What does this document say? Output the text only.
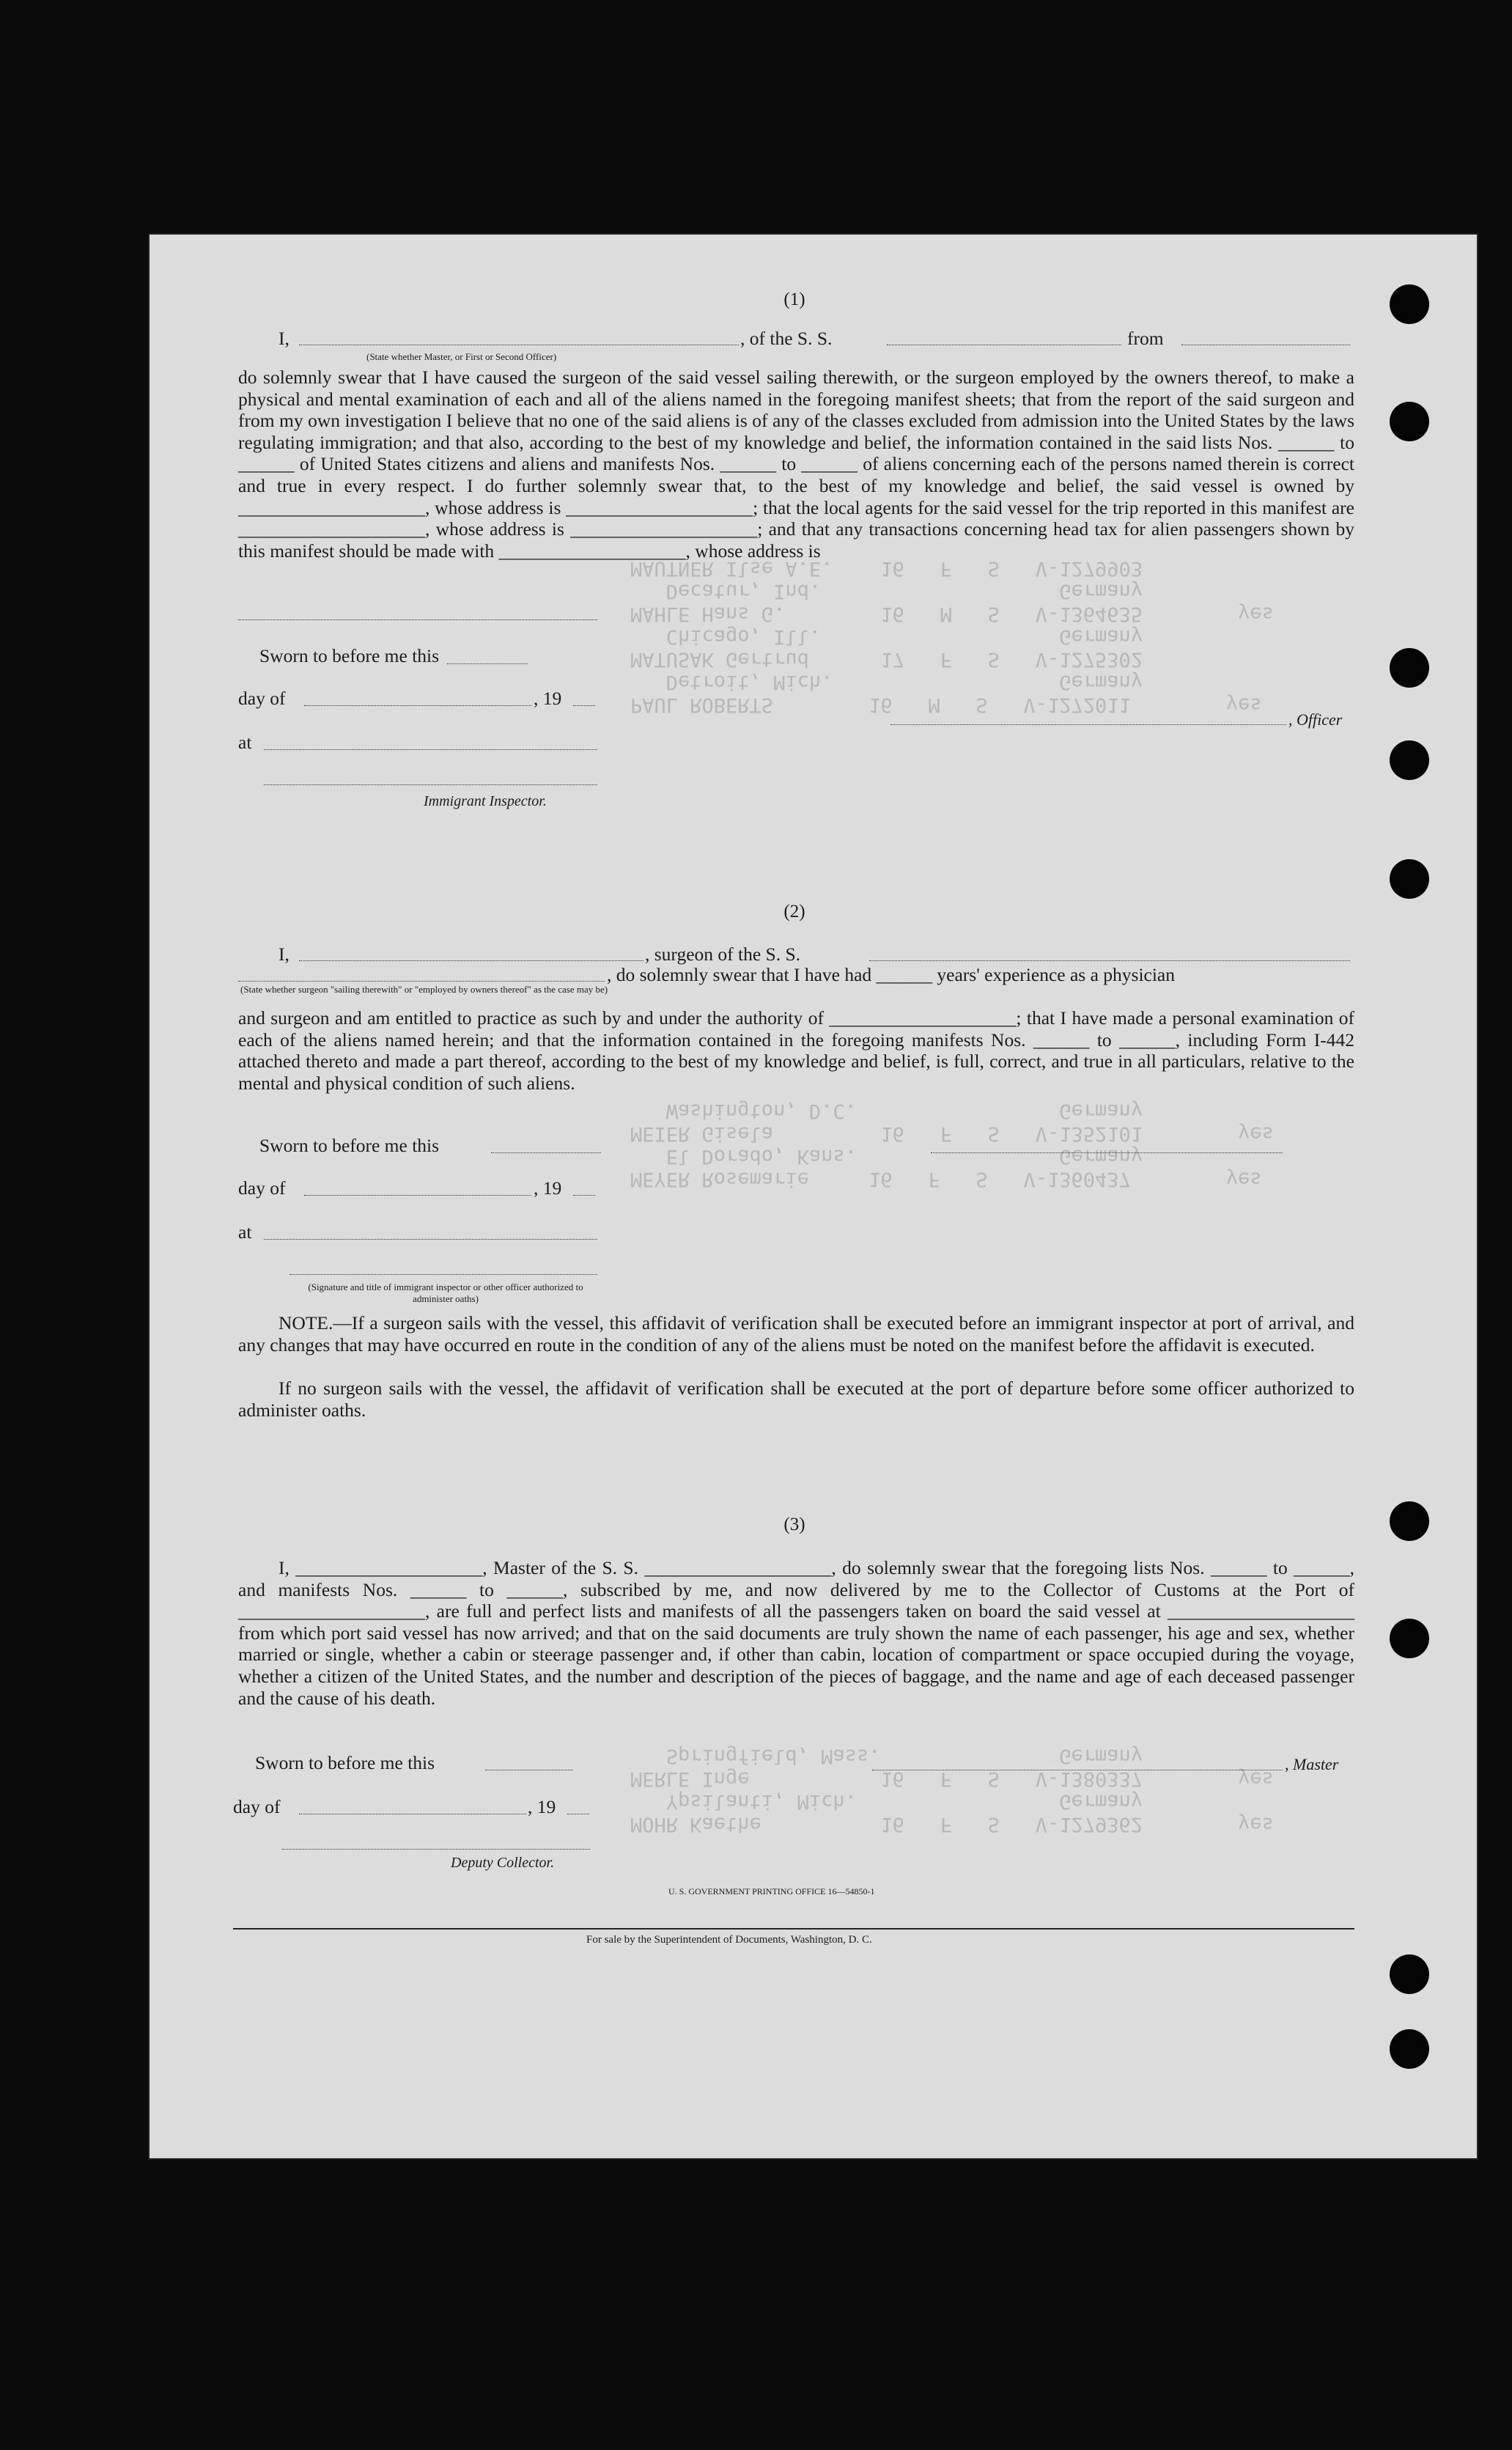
PAUL ROBERTS        16   M   S   V-1272011        yes
Detroit, Mich.                   Germany
MATUSAK Gertrud      17   F   S   V-1275302
Chicago, Ill.                    Germany
MAHLE Hans G.        16   M   S   V-1364635        yes
Decatur, Ind.                    Germany
MAUTNER Ilse A.E.    16   F   S   V-1279903

MEYER Rosemarie     16   F   S   V-1360437        yes
El Dorado, Kans.                 Germany
MEIER Gisela         16   F   S   V-1352101        yes
Washington, D.C.                 Germany

MOHR Kaethe          16   F   S   V-1279362        yes
Ypsilanti, Mich.                 Germany
MERLE Inge           16   F   S   V-1380337        yes
Springfield, Mass.               Germany

(1)
I,	, of the S. S.	from
(State whether Master, or First or Second Officer)
do solemnly swear that I have caused the surgeon of the said vessel sailing therewith, or the surgeon employed by the owners thereof, to make a physical and mental examination of each and all of the aliens named in the foregoing manifest sheets; that from the report of the said surgeon and from my own investigation I believe that no one of the said aliens is of any of the classes excluded from admission into the United States by the laws regulating immigration; and that also, according to the best of my knowledge and belief, the information contained in the said lists Nos. ______ to ______ of United States citizens and aliens and manifests Nos. ______ to ______ of aliens concerning each of the persons named therein is correct and true in every respect. I do further solemnly swear that, to the best of my knowledge and belief, the said vessel is owned by ____________________, whose address is ____________________; that the local agents for the said vessel for the trip reported in this manifest are ____________________, whose address is ____________________; and that any transactions concerning head tax for alien passengers shown by this manifest should be made with ____________________, whose address is
Sworn to before me this
day of	, 19
, Officer
at
Immigrant Inspector.
(2)
I,	, surgeon of the S. S.
(State whether surgeon "sailing therewith" or "employed by owners thereof" as the case may be)
, do solemnly swear that I have had ______ years' experience as a physician
and surgeon and am entitled to practice as such by and under the authority of ____________________; that I have made a personal examination of each of the aliens named herein; and that the information contained in the foregoing manifests Nos. ______ to ______, including Form I-442 attached thereto and made a part thereof, according to the best of my knowledge and belief, is full, correct, and true in all particulars, relative to the mental and physical condition of such aliens.
Sworn to before me this
day of	, 19
at
(Signature and title of immigrant inspector or other officer authorized to administer oaths)
NOTE.—If a surgeon sails with the vessel, this affidavit of verification shall be executed before an immigrant inspector at port of arrival, and any changes that may have occurred en route in the condition of any of the aliens must be noted on the manifest before the affidavit is executed.
If no surgeon sails with the vessel, the affidavit of verification shall be executed at the port of departure before some officer authorized to administer oaths.
(3)
I, ____________________, Master of the S. S. ____________________, do solemnly swear that the foregoing lists Nos. ______ to ______, and manifests Nos. ______ to ______, subscribed by me, and now delivered by me to the Collector of Customs at the Port of ____________________, are full and perfect lists and manifests of all the passengers taken on board the said vessel at ____________________ from which port said vessel has now arrived; and that on the said documents are truly shown the name of each passenger, his age and sex, whether married or single, whether a cabin or steerage passenger and, if other than cabin, location of compartment or space occupied during the voyage, whether a citizen of the United States, and the number and description of the pieces of baggage, and the name and age of each deceased passenger and the cause of his death.
Sworn to before me this	, Master
day of	, 19
Deputy Collector.
U. S. GOVERNMENT PRINTING OFFICE 16—54850-1
For sale by the Superintendent of Documents, Washington, D. C.
